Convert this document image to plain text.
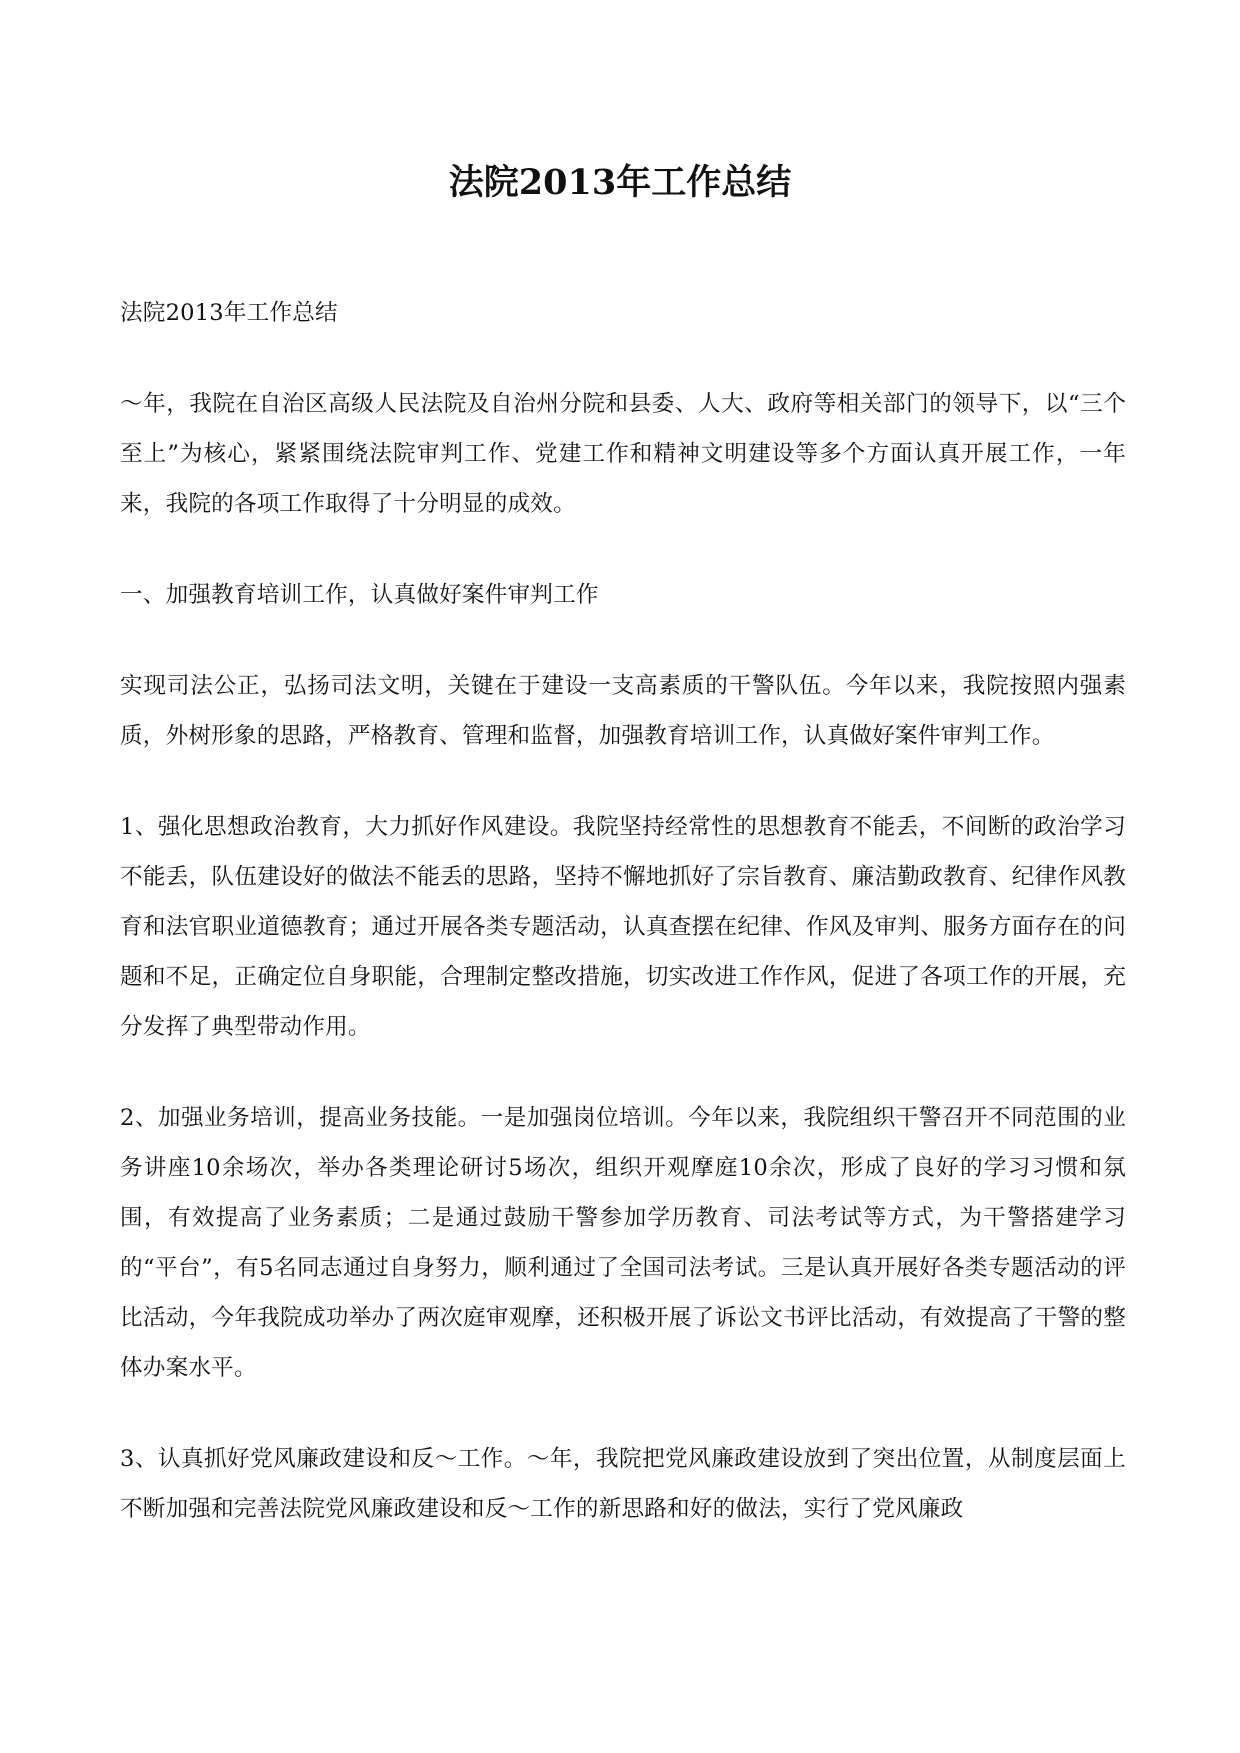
法院2013年工作总结

法院2013年工作总结

～年，我院在自治区高级人民法院及自治州分院和县委、人大、政府等相关部门的领导下，以“三个至上”为核心，紧紧围绕法院审判工作、党建工作和精神文明建设等多个方面认真开展工作，一年来，我院的各项工作取得了十分明显的成效。

一、加强教育培训工作，认真做好案件审判工作

实现司法公正，弘扬司法文明，关键在于建设一支高素质的干警队伍。今年以来，我院按照内强素质，外树形象的思路，严格教育、管理和监督，加强教育培训工作，认真做好案件审判工作。

1、强化思想政治教育，大力抓好作风建设。我院坚持经常性的思想教育不能丢，不间断的政治学习不能丢，队伍建设好的做法不能丢的思路，坚持不懈地抓好了宗旨教育、廉洁勤政教育、纪律作风教育和法官职业道德教育；通过开展各类专题活动，认真查摆在纪律、作风及审判、服务方面存在的问题和不足，正确定位自身职能，合理制定整改措施，切实改进工作作风，促进了各项工作的开展，充分发挥了典型带动作用。

2、加强业务培训，提高业务技能。一是加强岗位培训。今年以来，我院组织干警召开不同范围的业务讲座10余场次，举办各类理论研讨5场次，组织开观摩庭10余次，形成了良好的学习习惯和氛围，有效提高了业务素质；二是通过鼓励干警参加学历教育、司法考试等方式，为干警搭建学习的“平台”，有5名同志通过自身努力，顺利通过了全国司法考试。三是认真开展好各类专题活动的评比活动，今年我院成功举办了两次庭审观摩，还积极开展了诉讼文书评比活动，有效提高了干警的整体办案水平。

3、认真抓好党风廉政建设和反～工作。～年，我院把党风廉政建设放到了突出位置，从制度层面上不断加强和完善法院党风廉政建设和反～工作的新思路和好的做法，实行了党风廉政
